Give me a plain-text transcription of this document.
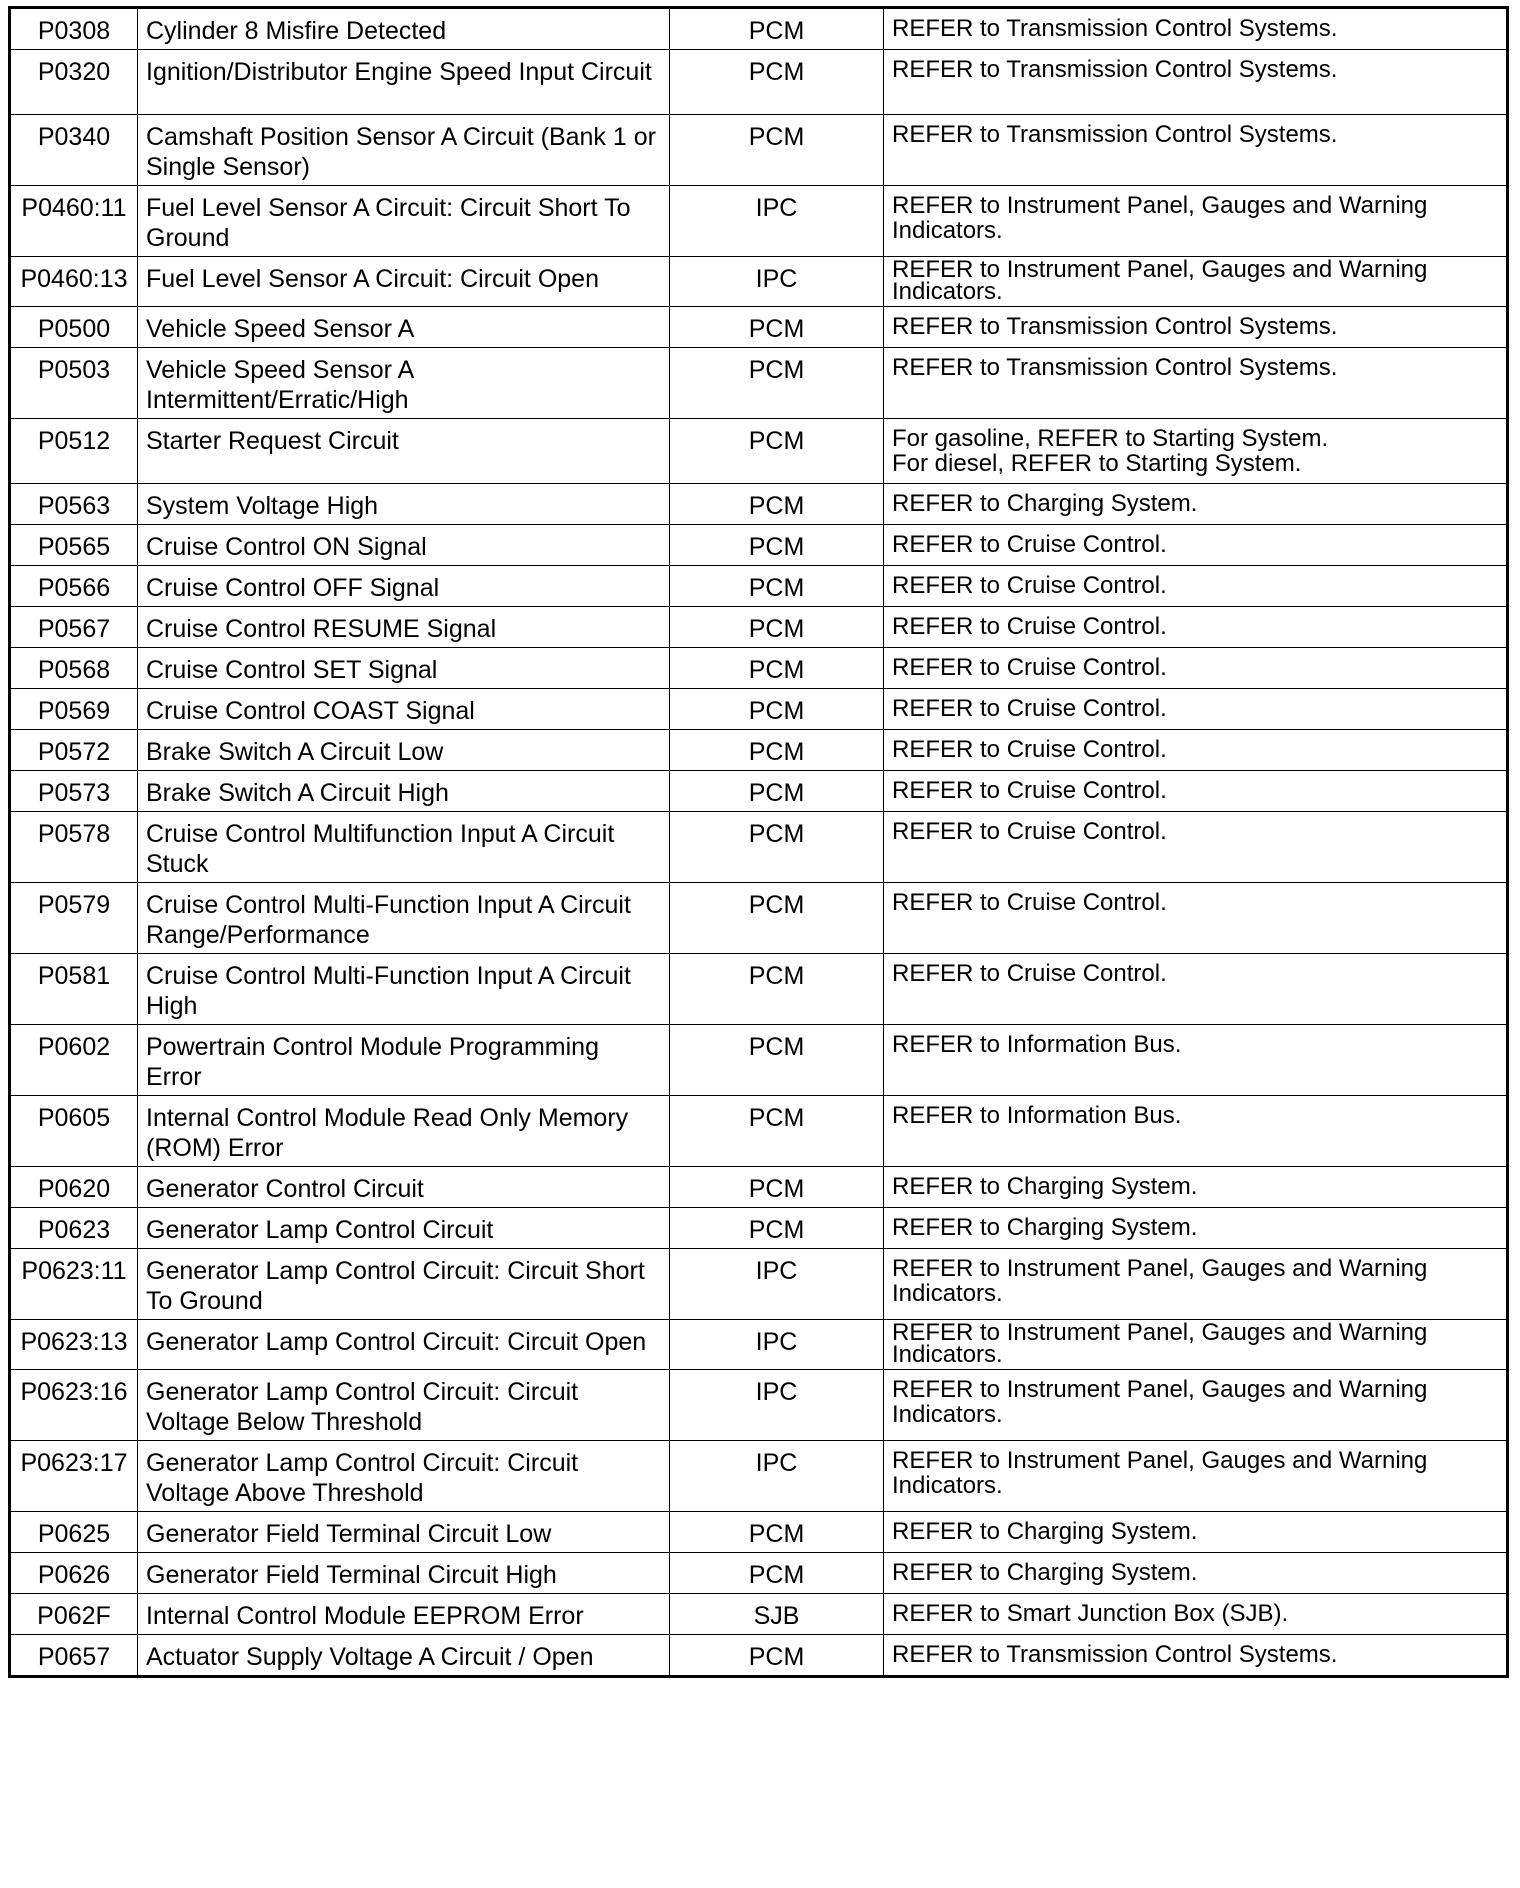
P0308	Cylinder 8 Misfire Detected	PCM	REFER to Transmission Control Systems.

P0320	Ignition/Distributor Engine Speed Input Circuit	PCM	REFER to Transmission Control Systems.

P0340	Camshaft Position Sensor A Circuit (Bank 1 or Single Sensor)	PCM	REFER to Transmission Control Systems.

P0460:11	Fuel Level Sensor A Circuit: Circuit Short To Ground	IPC	REFER to Instrument Panel, Gauges and Warning Indicators.

P0460:13	Fuel Level Sensor A Circuit: Circuit Open	IPC	REFER to Instrument Panel, Gauges and Warning Indicators.

P0500	Vehicle Speed Sensor A	PCM	REFER to Transmission Control Systems.

P0503	Vehicle Speed Sensor A Intermittent/Erratic/High	PCM	REFER to Transmission Control Systems.

P0512	Starter Request Circuit	PCM	For gasoline, REFER to Starting System.
For diesel, REFER to Starting System.

P0563	System Voltage High	PCM	REFER to Charging System.

P0565	Cruise Control ON Signal	PCM	REFER to Cruise Control.

P0566	Cruise Control OFF Signal	PCM	REFER to Cruise Control.

P0567	Cruise Control RESUME Signal	PCM	REFER to Cruise Control.

P0568	Cruise Control SET Signal	PCM	REFER to Cruise Control.

P0569	Cruise Control COAST Signal	PCM	REFER to Cruise Control.

P0572	Brake Switch A Circuit Low	PCM	REFER to Cruise Control.

P0573	Brake Switch A Circuit High	PCM	REFER to Cruise Control.

P0578	Cruise Control Multifunction Input A Circuit Stuck	PCM	REFER to Cruise Control.

P0579	Cruise Control Multi-Function Input A Circuit Range/Performance	PCM	REFER to Cruise Control.

P0581	Cruise Control Multi-Function Input A Circuit High	PCM	REFER to Cruise Control.

P0602	Powertrain Control Module Programming Error	PCM	REFER to Information Bus.

P0605	Internal Control Module Read Only Memory (ROM) Error	PCM	REFER to Information Bus.

P0620	Generator Control Circuit	PCM	REFER to Charging System.

P0623	Generator Lamp Control Circuit	PCM	REFER to Charging System.

P0623:11	Generator Lamp Control Circuit: Circuit Short To Ground	IPC	REFER to Instrument Panel, Gauges and Warning Indicators.

P0623:13	Generator Lamp Control Circuit: Circuit Open	IPC	REFER to Instrument Panel, Gauges and Warning Indicators.

P0623:16	Generator Lamp Control Circuit: Circuit Voltage Below Threshold	IPC	REFER to Instrument Panel, Gauges and Warning Indicators.

P0623:17	Generator Lamp Control Circuit: Circuit Voltage Above Threshold	IPC	REFER to Instrument Panel, Gauges and Warning Indicators.

P0625	Generator Field Terminal Circuit Low	PCM	REFER to Charging System.

P0626	Generator Field Terminal Circuit High	PCM	REFER to Charging System.

P062F	Internal Control Module EEPROM Error	SJB	REFER to Smart Junction Box (SJB).

P0657	Actuator Supply Voltage A Circuit / Open	PCM	REFER to Transmission Control Systems.
